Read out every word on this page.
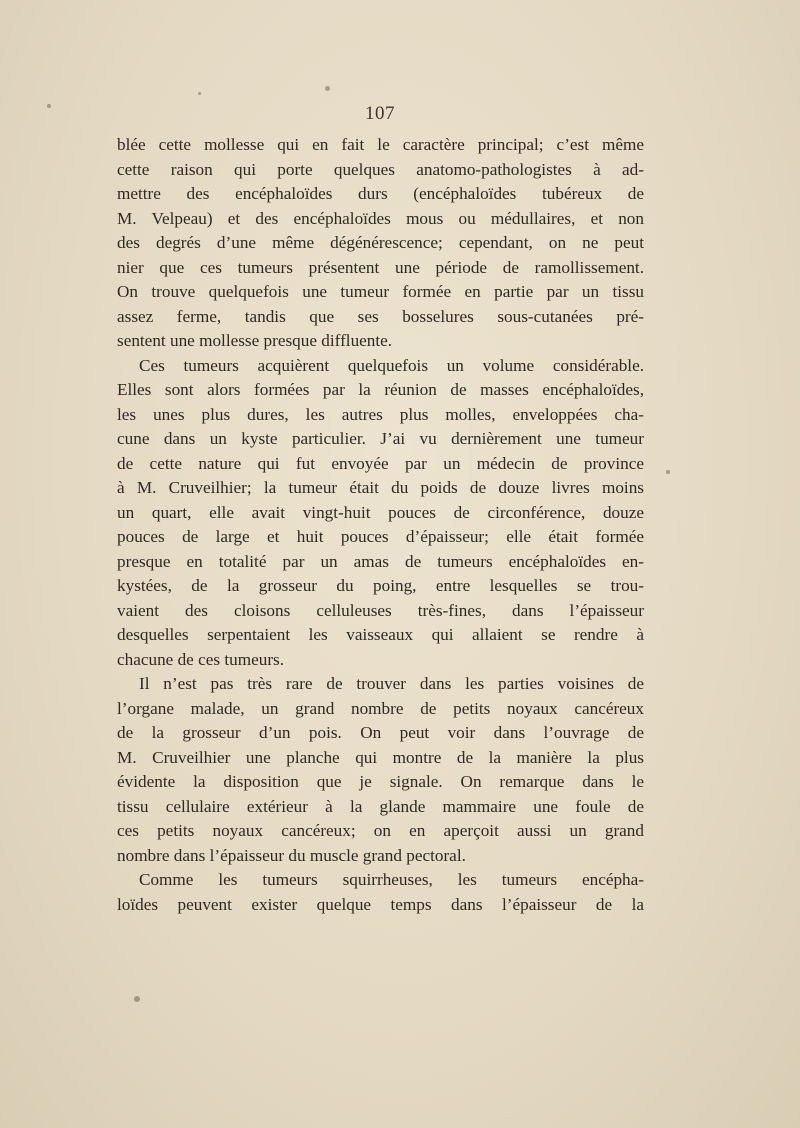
107
blée cette mollesse qui en fait le caractère principal; c’est même
cette raison qui porte quelques anatomo-pathologistes à ad-
mettre des encéphaloïdes durs (encéphaloïdes tubéreux de
M. Velpeau) et des encéphaloïdes mous ou médullaires, et non
des degrés d’une même dégénérescence; cependant, on ne peut
nier que ces tumeurs présentent une période de ramollissement.
On trouve quelquefois une tumeur formée en partie par un tissu
assez ferme, tandis que ses bosselures sous-cutanées pré-
sentent une mollesse presque diffluente.
Ces tumeurs acquièrent quelquefois un volume considérable.
Elles sont alors formées par la réunion de masses encéphaloïdes,
les unes plus dures, les autres plus molles, enveloppées cha-
cune dans un kyste particulier. J’ai vu dernièrement une tumeur
de cette nature qui fut envoyée par un médecin de province
à M. Cruveilhier; la tumeur était du poids de douze livres moins
un quart, elle avait vingt-huit pouces de circonférence, douze
pouces de large et huit pouces d’épaisseur; elle était formée
presque en totalité par un amas de tumeurs encéphaloïdes en-
kystées, de la grosseur du poing, entre lesquelles se trou-
vaient des cloisons celluleuses très-fines, dans l’épaisseur
desquelles serpentaient les vaisseaux qui allaient se rendre à
chacune de ces tumeurs.
Il n’est pas très rare de trouver dans les parties voisines de
l’organe malade, un grand nombre de petits noyaux cancéreux
de la grosseur d’un pois. On peut voir dans l’ouvrage de
M. Cruveilhier une planche qui montre de la manière la plus
évidente la disposition que je signale. On remarque dans le
tissu cellulaire extérieur à la glande mammaire une foule de
ces petits noyaux cancéreux; on en aperçoit aussi un grand
nombre dans l’épaisseur du muscle grand pectoral.
Comme les tumeurs squirrheuses, les tumeurs encépha-
loïdes peuvent exister quelque temps dans l’épaisseur de la
